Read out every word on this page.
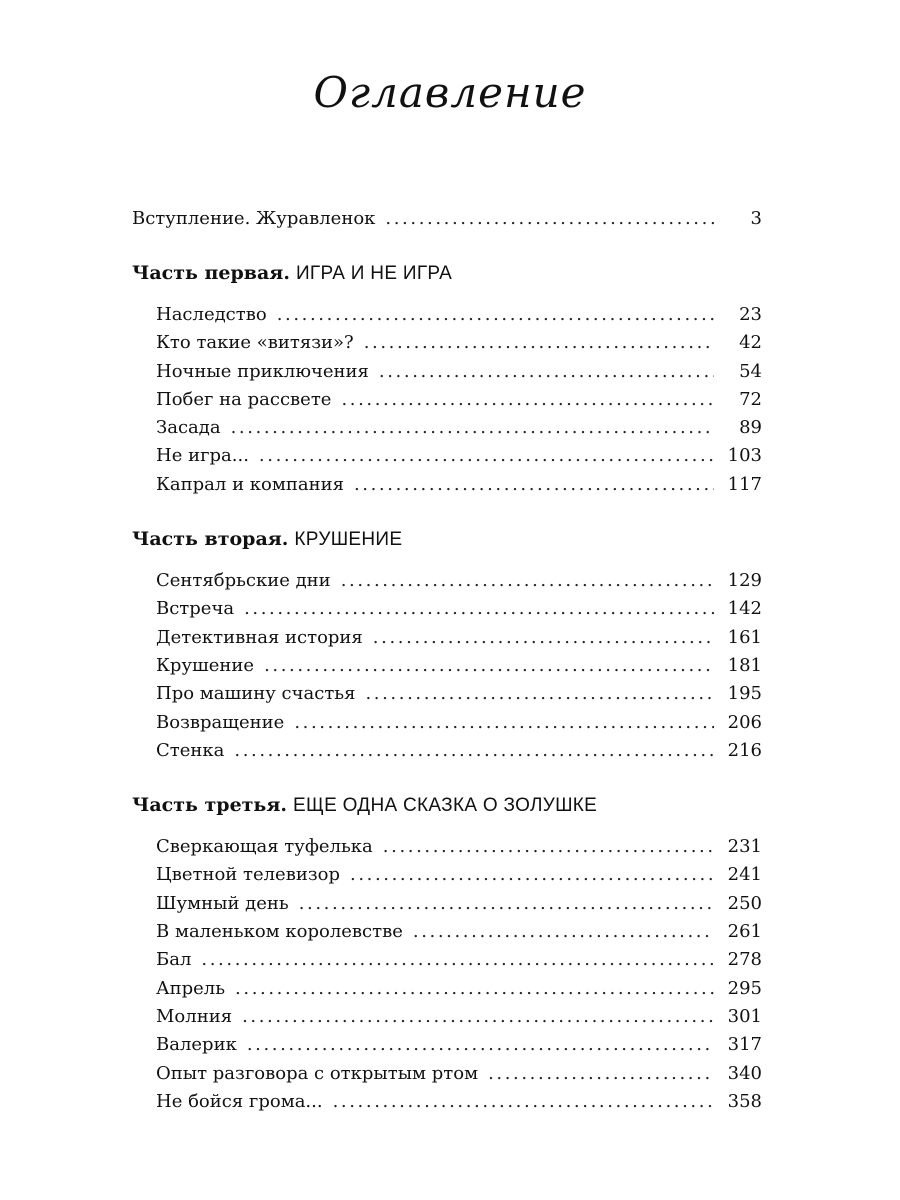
Оглавление
Вступление. Журавленок .....	3
Часть первая. ИГРА И НЕ ИГРА
Наследство .....	23
Кто такие «витязи»? .....	42
Ночные приключения .....	54
Побег на рассвете .....	72
Засада .....	89
Не игра... .....	103
Капрал и компания .....	117
Часть вторая. КРУШЕНИЕ
Сентябрьские дни .....	129
Встреча .....	142
Детективная история .....	161
Крушение .....	181
Про машину счастья .....	195
Возвращение .....	206
Стенка .....	216
Часть третья. ЕЩЕ ОДНА СКАЗКА О ЗОЛУШКЕ
Сверкающая туфелька .....	231
Цветной телевизор .....	241
Шумный день .....	250
В маленьком королевстве .....	261
Бал .....	278
Апрель .....	295
Молния .....	301
Валерик .....	317
Опыт разговора с открытым ртом .....	340
Не бойся грома... .....	358
